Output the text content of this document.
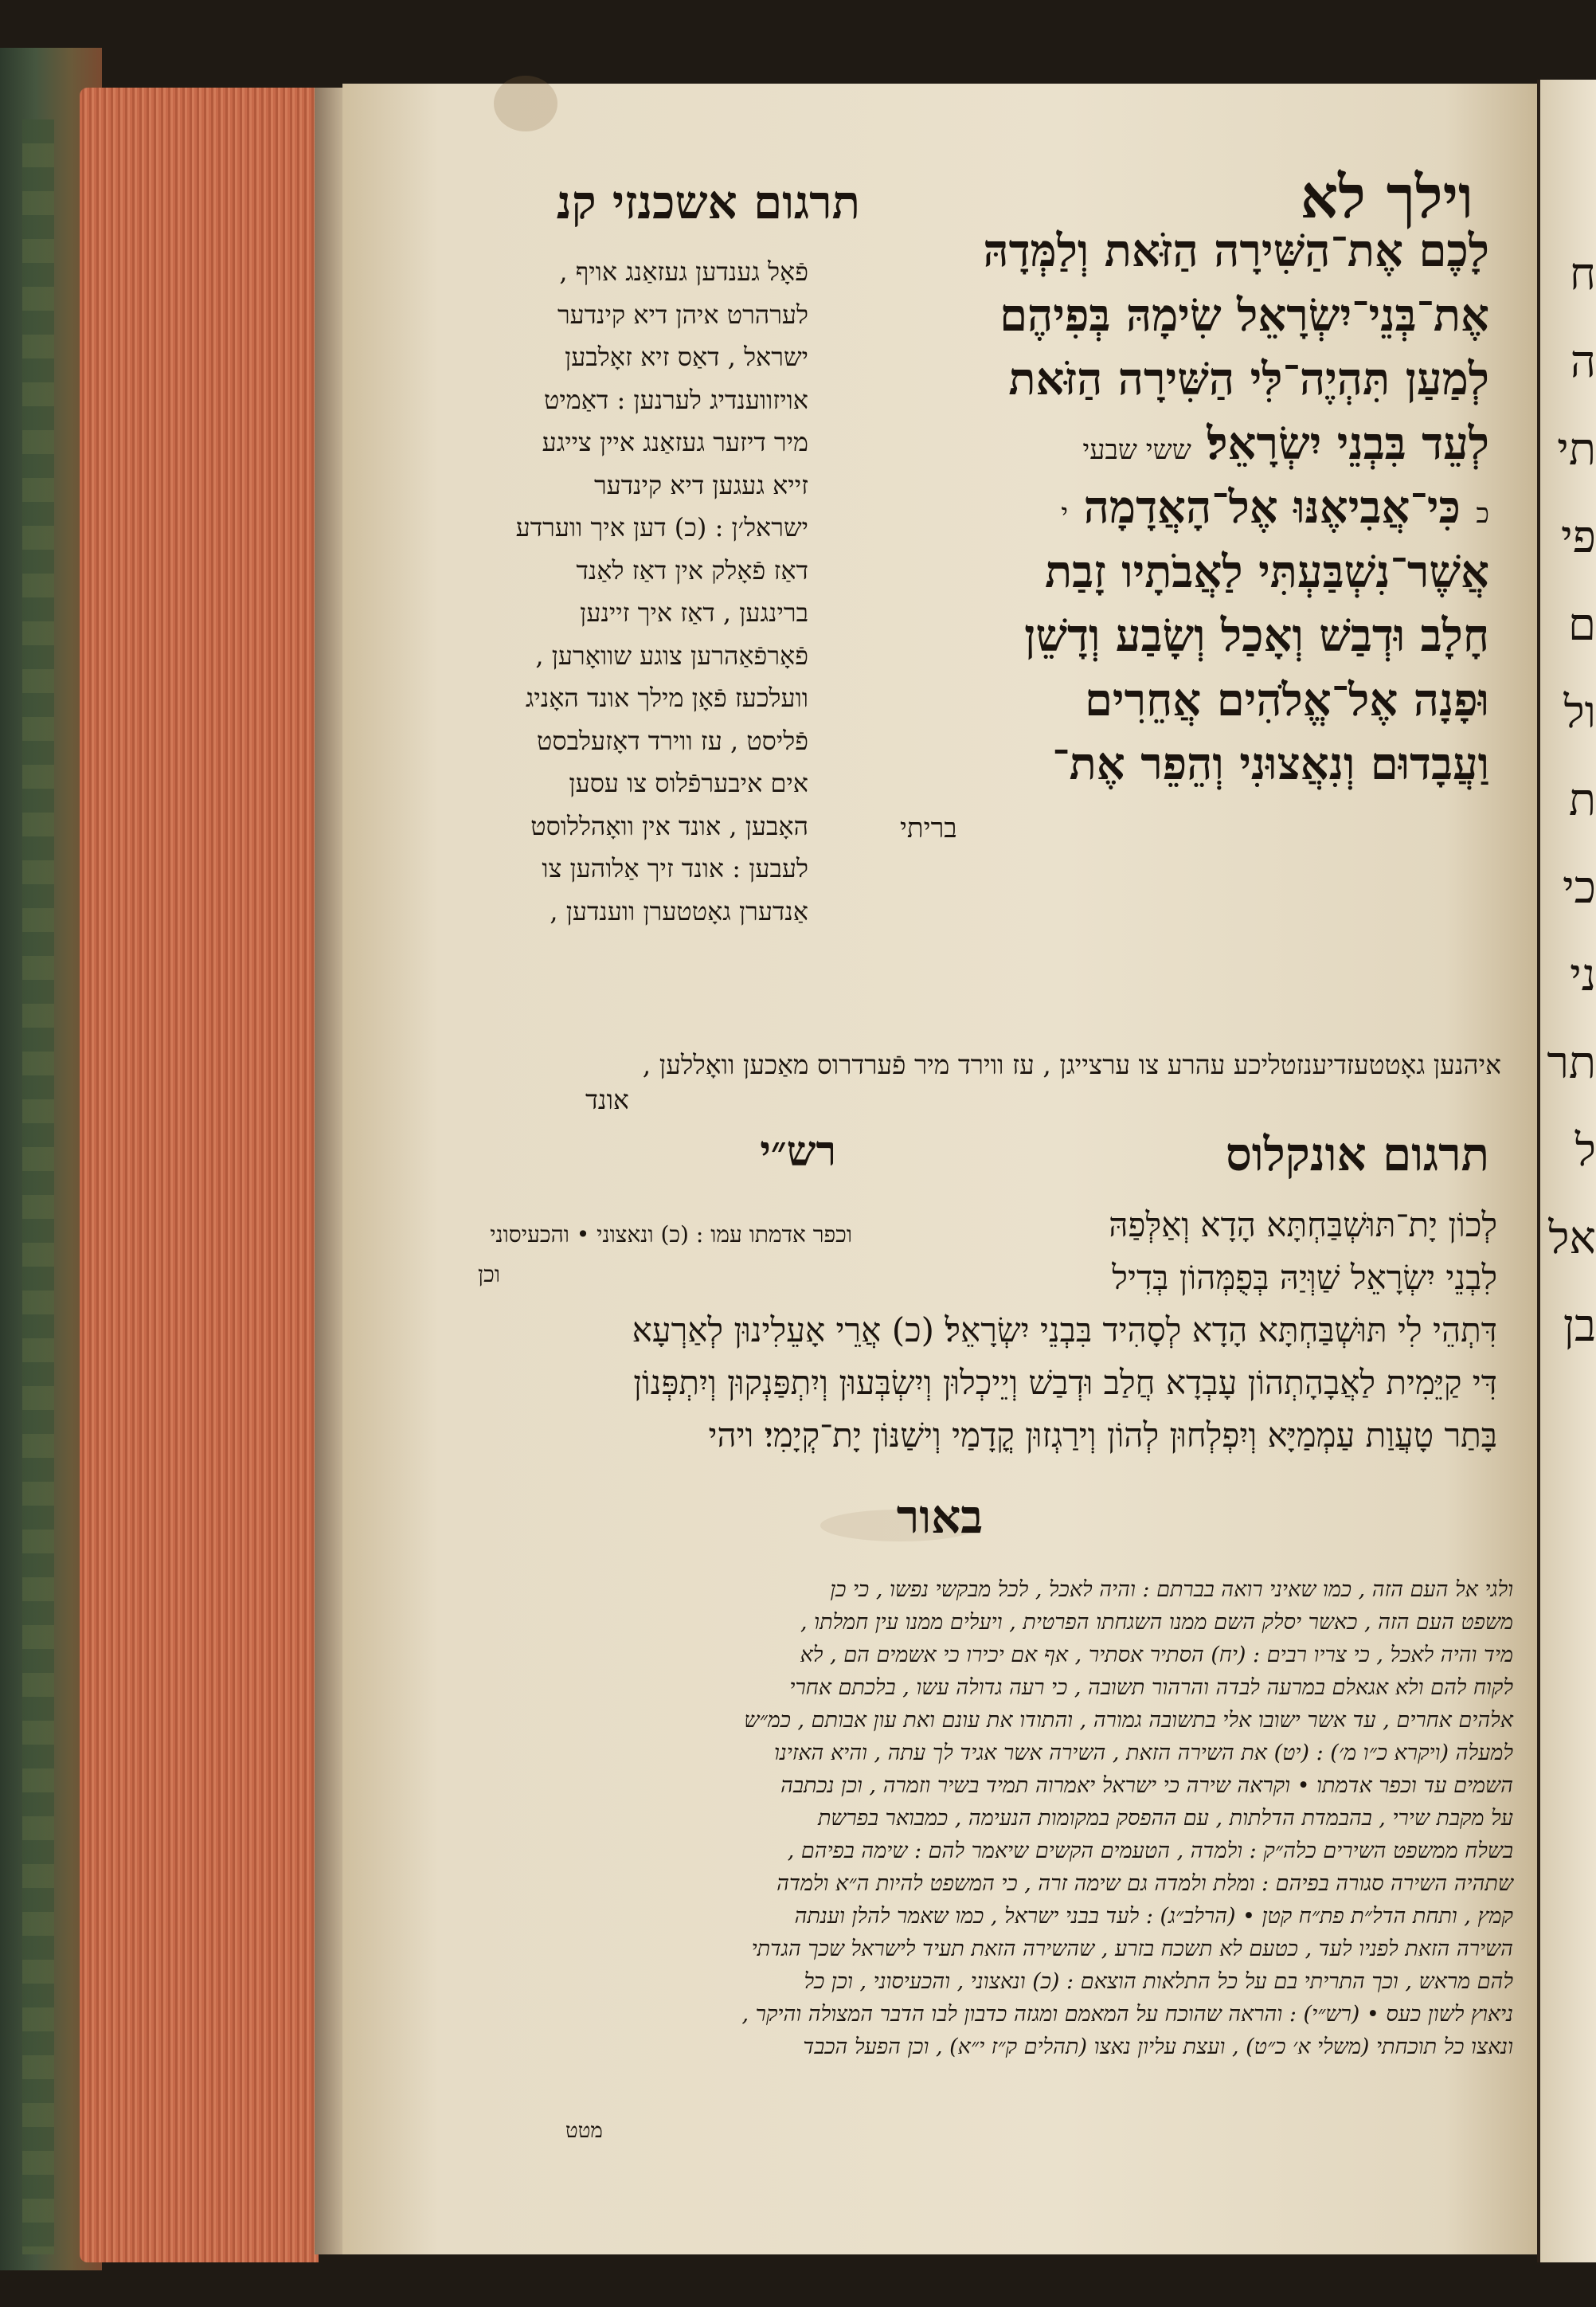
וילך לא
תרגום אשכנזי קנ
לָכֶם אֶת־הַשִּׁירָה הַזֹּאת וְלַמְּדָהּ
אֶת־בְּנֵי־יִשְׂרָאֵל שִׂימָהּ בְּפִיהֶם
לְמַעַן תִּהְיֶה־לִּי הַשִּׁירָה הַזֹּאת
לְעֵד בִּבְנֵי יִשְׂרָאֵל׃ ששי שבעי
כ כִּי־אֲבִיאֶנּוּ אֶל־הָאֲדָמָה י
אֲשֶׁר־נִשְׁבַּעְתִּי לַאֲבֹתָיו זָבַת
חָלָב וּדְבַשׁ וְאָכַל וְשָׂבַע וְדָשֵׁן
וּפָנָה אֶל־אֱלֹהִים אֲחֵרִים
וַעֲבָדוּם וְנִאֲצוּנִי וְהֵפֵר אֶת־
בריתי
פֿאָל גענדען געזאַנג אויף ,
לערהרט איהן דיא קינדער
ישראל , דאַס זיא זאָלבען
אויזווענדיג לערנען : דאַמיט
מיר דיזער געזאַנג איין צייגע
זייא געגען דיא קינדער
ישראל׳ן : (כ) דען איך ווערדע
דאַז פֿאָלק אין דאַז לאַנד
ברינגען , דאַז איך זיינען
פֿאָרפֿאַהרען צוגע שוואָרען ,
וועלכעז פֿאָן מילך אונד האָניג
פֿליסט , עז ווירד דאָזעלבסט
אים איבערפֿלוס צו עסען
האָבען , אונד אין וואָהללוסט
לעבען : אונד זיך אַלוהען צו
אַנדערן גאָטטערן ווענדען ,
איהנען גאָטטעזדיענזטליכע עהרע צו ערצייגן , עז ווירד מיר פֿערדרוס מאַכען וואָללען ,
אונד
תרגום אונקלוס
רש״י
וכפר אדמתו עמו : (כ) ונאצוני • והכעיסוני
וכן
לְכוֹן יָת־תּוּשְׁבַּחְתָּא הָדָא וְאַלְּפַהּ
לִבְנֵי יִשְׂרָאֵל שַׁוְּיַהּ בְּפֻמְּהוֹן בְּדִיל
דִּתְהֵי לִי תּוּשְׁבַּחְתָּא הָדָא לְסָהִיד בִּבְנֵי יִשְׂרָאֵל׃ (כ) אֲרֵי אָעֵלִינוּן לְאַרְעָא
דִּי קַיֵּמִית לַאֲבָהָתְהוֹן עָבְדָא חֲלַב וּדְבַשׁ וְיֵיכְלוּן וְיִשְׂבְּעוּן וְיִתְפַּנְקוּן וְיִתְפְּנוֹן
בָּתַר טָעֲוַת עַמְמַיָּא וְיִפְלְחוּן לְהוֹן וְירַגְזוּן קֳדָמַי וְישַׁנּוֹן יָת־קְיָמִי׃ ויהי
באור
ולגי אל העם הזה , כמו שאיני רואה בברתם : והיה לאכל , לכל מבקשי נפשו , כי כן
משפט העם הזה , כאשר יסלק השם ממנו השגחתו הפרטית , ויעלים ממנו עין חמלתו ,
מיד והיה לאכל , כי צריו רבים : (יח) הסתיר אסתיר , אף אם יכירו כי אשמים הם , לא
לקוח להם ולא אגאלם במרעה לבדה והרהור תשובה , כי רעה גדולה עשו , בלכתם אחרי
אלהים אחרים , עד אשר ישובו אלי בתשובה גמורה , והתודו את עונם ואת עון אבותם , כמ״ש
למעלה (ויקרא כ״ו מ׳) : (יט) את השירה הזאת , השירה אשר אגיד לך עתה , והיא האזינו
השמים עד וכפר אדמתו • וקראה שירה כי ישראל יאמרוה תמיד בשיר וזמרה , וכן נכתבה
על מקבת שירי , בהבמדת הדלתות , עם ההפסק במקומות הנעימה , כמבואר בפרשת
בשלח ממשפט השירים כלה״ק : ולמדה , הטעמים הקשים שיאמר להם : שימה בפיהם ,
שתהיה השירה סגורה בפיהם : ומלת ולמדה גם שימה זרה , כי המשפט להיות ה״א ולמדה
קמץ , ותחת הדל״ת פת״ח קטן • (הרלב״ג) : לעד בבני ישראל , כמו שאמר להלן וענתה
השירה הזאת לפניו לעד , כטעם לא תשכח בזרע , שהשירה הזאת תעיד לישראל שכך הגדתי
להם מראש , וכך התריתי בם על כל התלאות הוצאם : (כ) ונאצוני , והכעיסוני , וכן כל
ניאוץ לשון כעס • (רש״י) : והראה שהוכח על המאמם ומגזה כדבון לבו הדבר המצולה והיקר ,
ונאצו כל תוכחתי (משלי א׳ כ״ט) , ועצת עליון נאצו (תהלים ק״ז י״א) , וכן הפעל הכבד
מטט
ח
ה
תי
פי
ם
ול
ת
כי
ני
תר
ל
אל
בן
